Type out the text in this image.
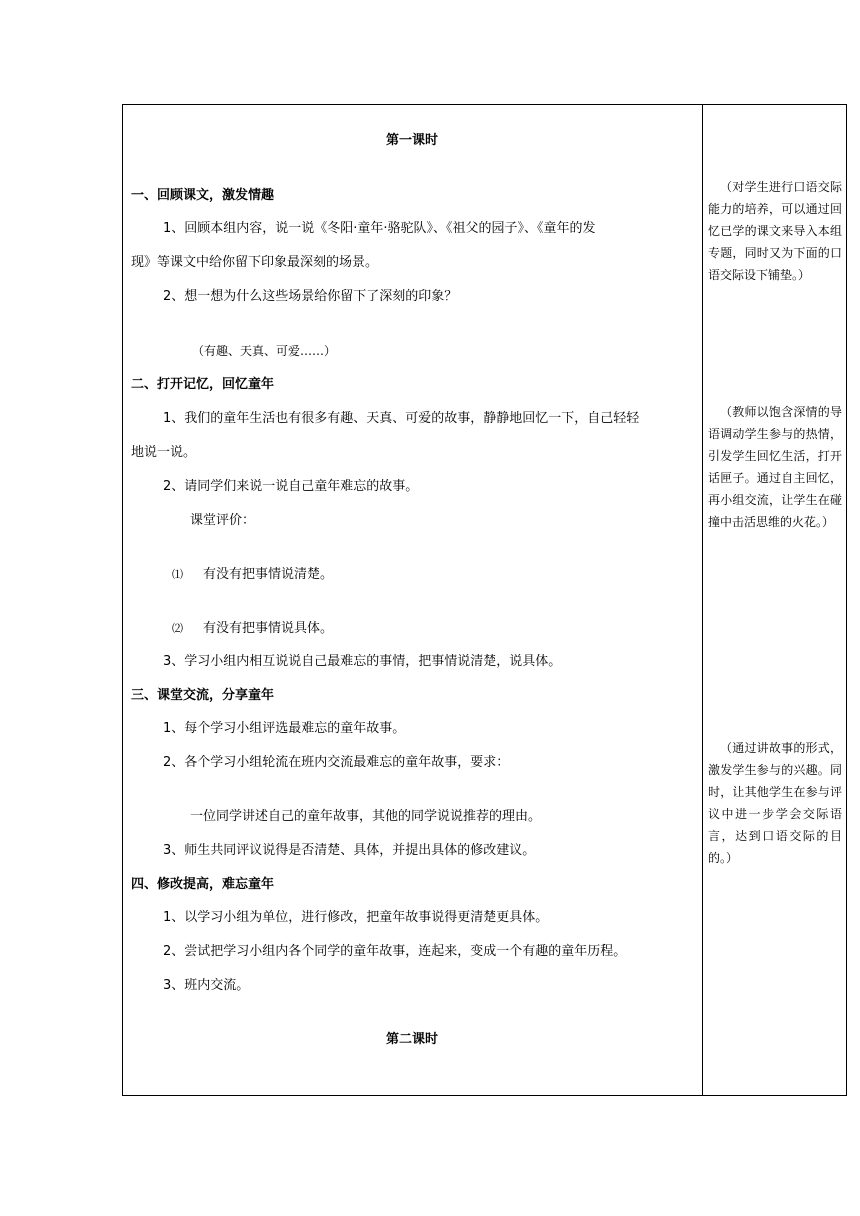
第一课时
一、回顾课文，激发情趣
1、回顾本组内容，说一说《冬阳·童年·骆驼队》、《祖父的园子》、《童年的发
现》等课文中给你留下印象最深刻的场景。
2、想一想为什么这些场景给你留下了深刻的印象？
（有趣、天真、可爱……）
二、打开记忆，回忆童年
1、我们的童年生活也有很多有趣、天真、可爱的故事，静静地回忆一下，自己轻轻
地说一说。
2、请同学们来说一说自己童年难忘的故事。
课堂评价：
⑴ 有没有把事情说清楚。
⑵ 有没有把事情说具体。
3、学习小组内相互说说自己最难忘的事情，把事情说清楚，说具体。
三、课堂交流，分享童年
1、每个学习小组评选最难忘的童年故事。
2、各个学习小组轮流在班内交流最难忘的童年故事，要求：
一位同学讲述自己的童年故事，其他的同学说说推荐的理由。
3、师生共同评议说得是否清楚、具体，并提出具体的修改建议。
四、修改提高，难忘童年
1、以学习小组为单位，进行修改，把童年故事说得更清楚更具体。
2、尝试把学习小组内各个同学的童年故事，连起来，变成一个有趣的童年历程。
3、班内交流。
第二课时
（对学生进行口语交际能力的培养，可以通过回忆已学的课文来导入本组专题，同时又为下面的口语交际设下铺垫。）
（教师以饱含深情的导语调动学生参与的热情，引发学生回忆生活，打开话匣子。通过自主回忆，再小组交流，让学生在碰撞中击活思维的火花。）
（通过讲故事的形式，激发学生参与的兴趣。同时，让其他学生在参与评议中进一步学会交际语言，达到口语交际的目的。）
